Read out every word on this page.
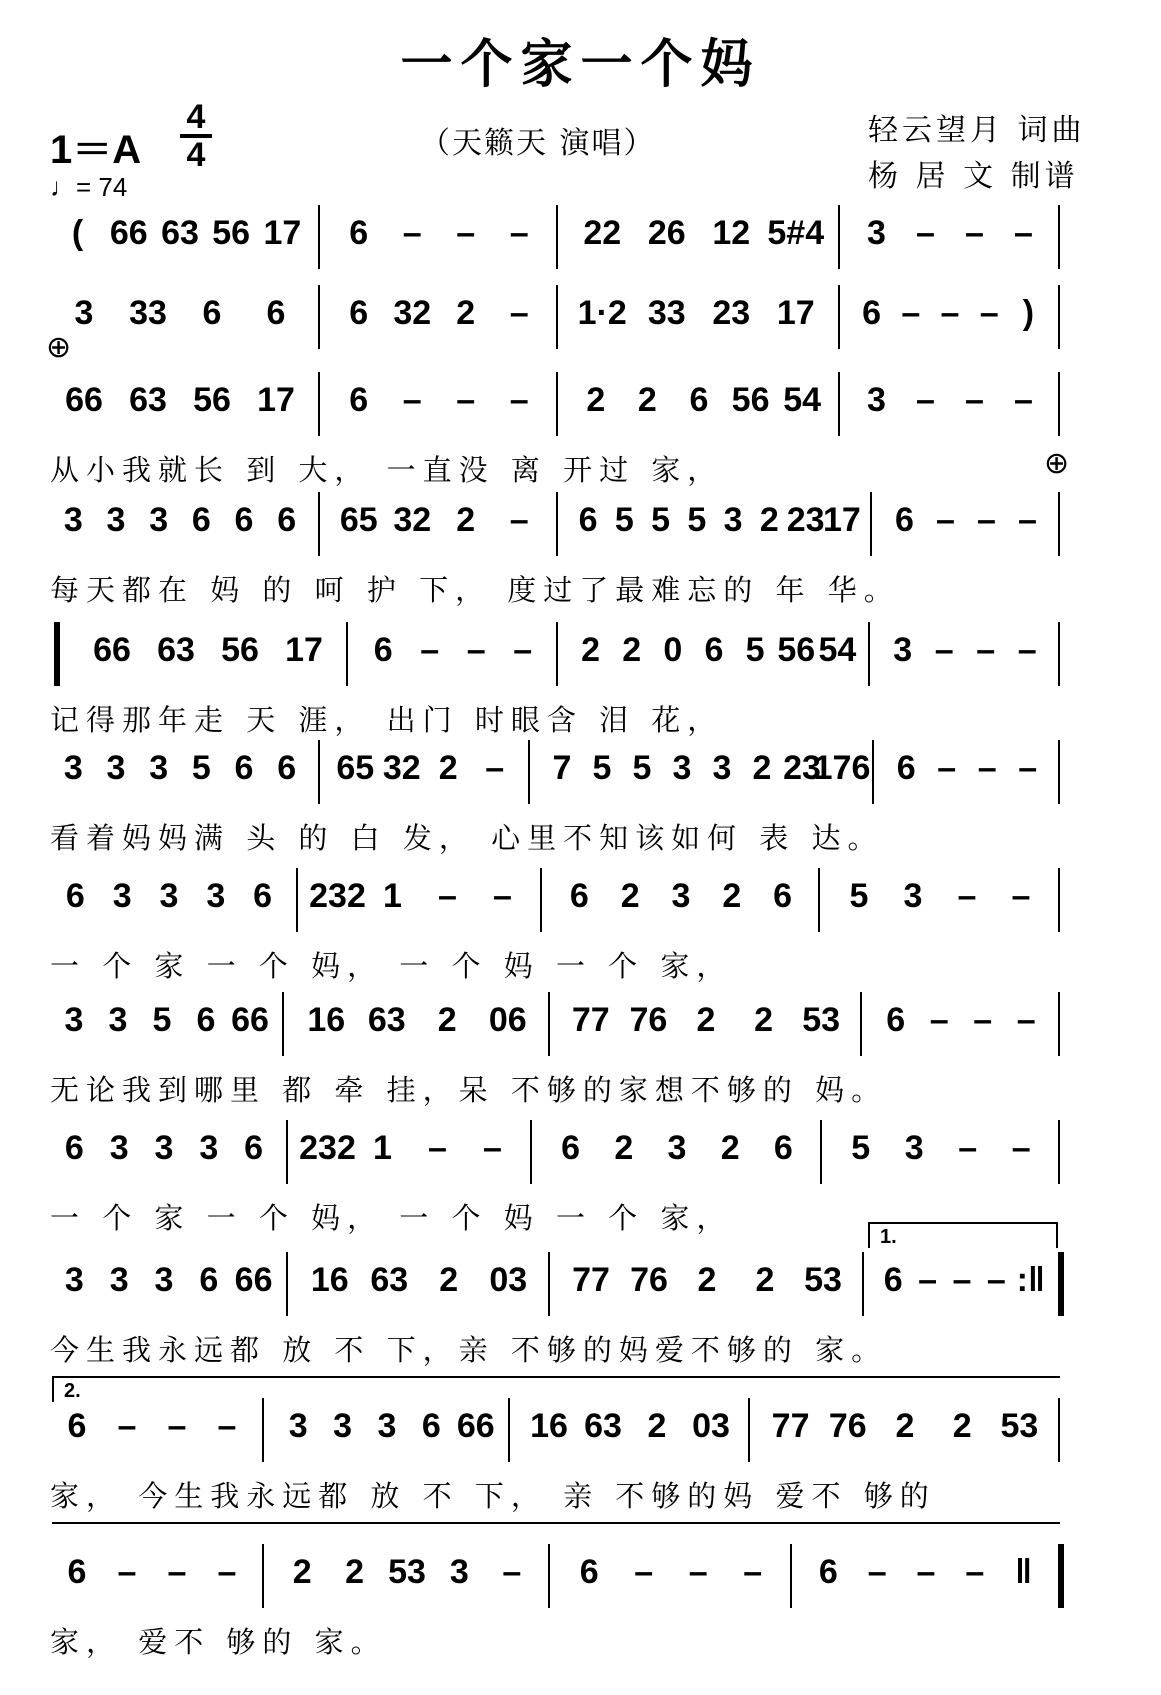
一个家一个妈
1＝A
4
4
♩= 74
（天籁天 演唱）	轻云望月 词曲
杨 居 文 制谱
( 66 63 56 17 6 – – – 22 26 12 5#4 3 – – –
3 33 6 6 6 32 2 – 1·2 33 23 17 6 – – – )
66 63 56 17 6 – – – 2 2 6 56 54 3 – – –
从小我就长 到 大， 一直没 离 开过 家，
3 3 3 6 6 6 65 32 2 – 6 5 5 5 3 2 23
17 6 – – –
每天都在 妈 的 呵 护 下， 度过了最难忘的 年 华。
66 63 56 17 6 – – – 2 2 0 6 5 56 54 3 – – –
记得那年走 天 涯， 出门 时眼含 泪 花，
3 3 3 5 6 6 65 32 2 – 7 5 5 3 3 2 23
176 6 – – –
看着妈妈满 头 的 白 发， 心里不知该如何 表 达。
6 3 3 3 6 232 1 – – 6 2 3 2 6 5 3 – –
一 个 家 一 个 妈， 一 个 妈 一 个 家，
3 3 5 6 66 16 63 2 06 77 76 2 2 53 6 – – –
无论我到哪里 都 牵 挂，呆 不够的家想不够的 妈。
6 3 3 3 6 232 1 – – 6 2 3 2 6 5 3 – –
一 个 家 一 个 妈， 一 个 妈 一 个 家，
3 3 3 6 66 16 63 2 03 77 76 2 2 53 6 – – – :‖
今生我永远都 放 不 下，亲 不够的妈爱不够的 家。
6 – – – 3 3 3 6 66 16 63 2 03 77 76 2 2 53
家， 今生我永远都 放 不 下， 亲 不够的妈 爱不 够的
6 – – – 2 2 53 3 – 6 – – – 6 – – – ‖
家， 爱不 够的 家。
⊕
⊕
1.
2.
